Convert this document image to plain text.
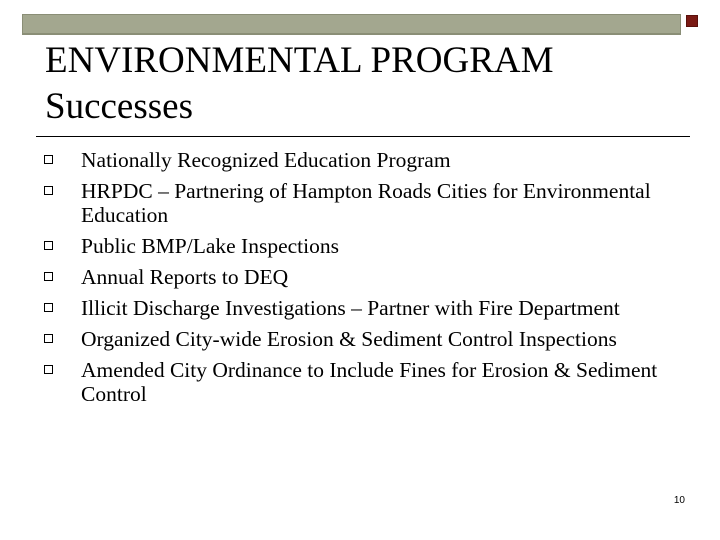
ENVIRONMENTAL PROGRAM
Successes
Nationally Recognized Education Program
HRPDC – Partnering of Hampton Roads Cities for Environmental Education
Public BMP/Lake Inspections
Annual Reports to DEQ
Illicit Discharge Investigations – Partner with Fire Department
Organized City-wide Erosion & Sediment Control Inspections
Amended City Ordinance to Include Fines for Erosion & Sediment Control
10
